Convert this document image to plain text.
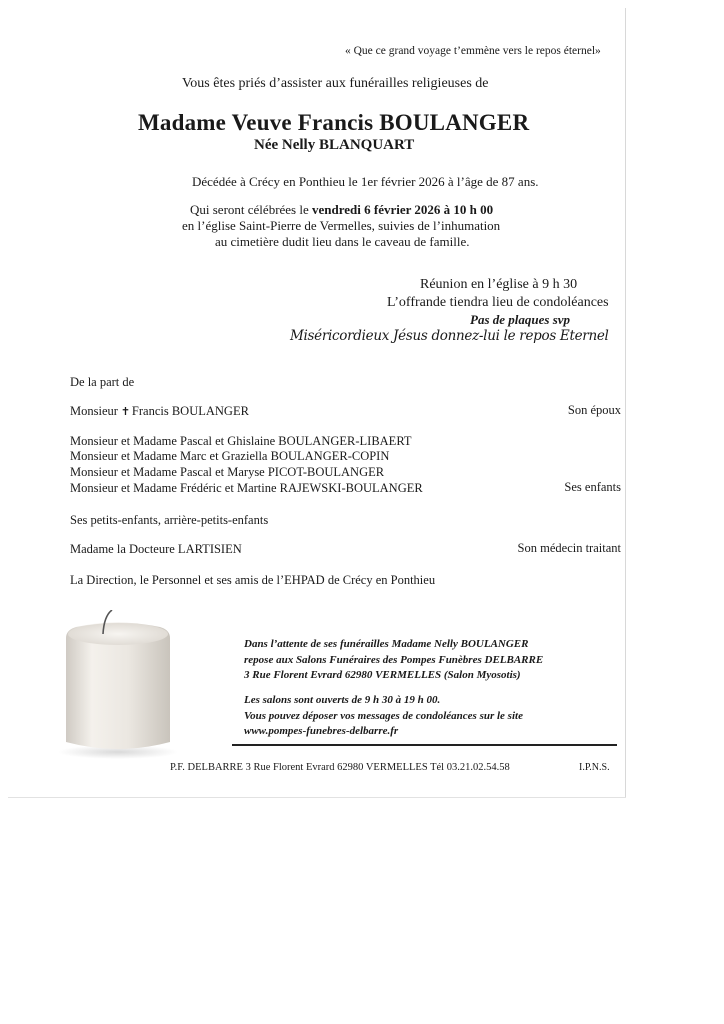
« Que ce grand voyage t’emmène vers le repos éternel»
Vous êtes priés d’assister aux funérailles religieuses de
Madame Veuve Francis BOULANGER
Née Nelly BLANQUART
Décédée à Crécy en Ponthieu le 1er février 2026 à l’âge de 87 ans.
Qui seront célébrées le vendredi 6 février 2026 à 10 h 00
en l’église Saint-Pierre de Vermelles, suivies de l’inhumation
au cimetière dudit lieu dans le caveau de famille.
Réunion en l’église à 9 h 30
L’offrande tiendra lieu de condoléances
Pas de plaques svp
Miséricordieux Jésus donnez-lui le repos Eternel
De la part de
Monsieur ✝ Francis BOULANGER	Son époux
Monsieur et Madame Pascal et Ghislaine BOULANGER-LIBAERT
Monsieur et Madame Marc et Graziella BOULANGER-COPIN
Monsieur et Madame Pascal et Maryse PICOT-BOULANGER
Monsieur et Madame Frédéric et Martine RAJEWSKI-BOULANGER	Ses enfants
Ses petits-enfants, arrière-petits-enfants
Madame la Docteure LARTISIEN	Son médecin traitant
La Direction, le Personnel et ses amis de l’EHPAD de Crécy en Ponthieu
Dans l’attente de ses funérailles Madame Nelly BOULANGER
repose aux Salons Funéraires des Pompes Funèbres DELBARRE
3 Rue Florent Evrard 62980 VERMELLES (Salon Myosotis)
Les salons sont ouverts de 9 h 30 à 19 h 00.
Vous pouvez déposer vos messages de condoléances sur le site
www.pompes-funebres-delbarre.fr
P.F. DELBARRE 3 Rue Florent Evrard 62980 VERMELLES Tél 03.21.02.54.58	I.P.N.S.
